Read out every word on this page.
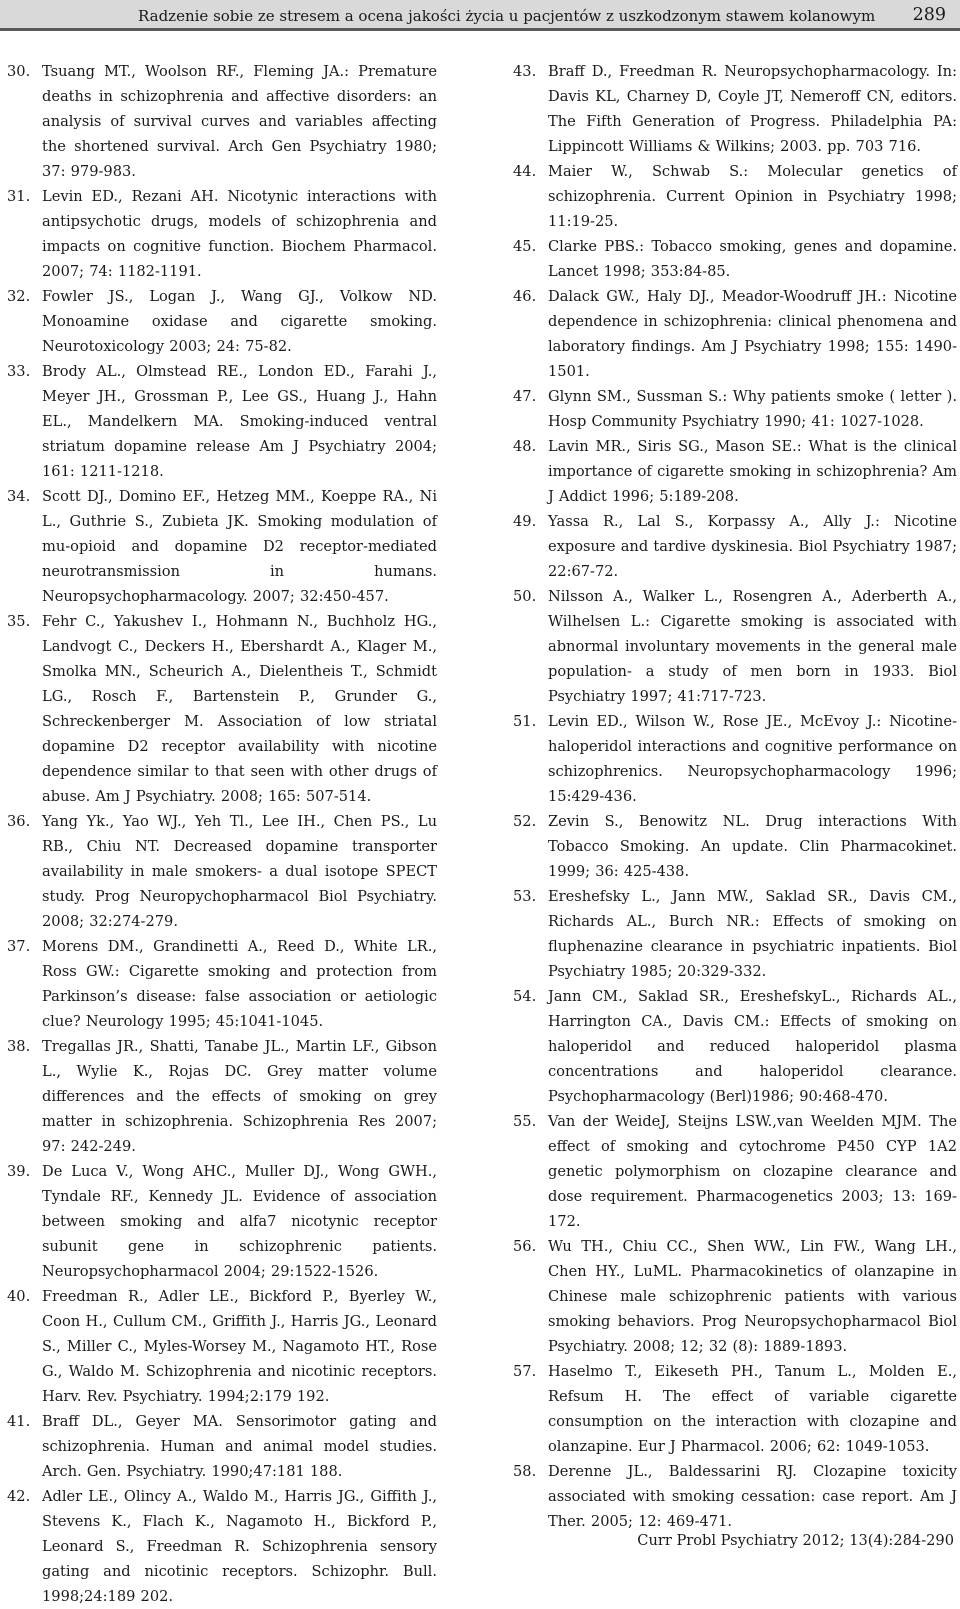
Radzenie sobie ze stresem a ocena jakości życia u pacjentów z uszkodzonym stawem kolanowym 289
30. Tsuang MT., Woolson RF., Fleming JA.: Premature deaths in schizophrenia and affective disorders: an analysis of survival curves and variables affecting the shortened survival. Arch Gen Psychiatry 1980; 37: 979-983.
31. Levin ED., Rezani AH. Nicotynic interactions with antipsychotic drugs, models of schizophrenia and impacts on cognitive function. Biochem Pharmacol. 2007; 74: 1182-1191.
32. Fowler JS., Logan J., Wang GJ., Volkow ND. Monoamine oxidase and cigarette smoking. Neurotoxicology 2003; 24: 75-82.
33. Brody AL., Olmstead RE., London ED., Farahi J., Meyer JH., Grossman P., Lee GS., Huang J., Hahn EL., Mandelkern MA. Smoking-induced ventral striatum dopamine release Am J Psychiatry 2004; 161: 1211-1218.
34. Scott DJ., Domino EF., Hetzeg MM., Koeppe RA., Ni L., Guthrie S., Zubieta JK. Smoking modulation of mu-opioid and dopamine D2 receptor-mediated neurotransmission in humans. Neuropsychopharmacology. 2007; 32:450-457.
35. Fehr C., Yakushev I., Hohmann N., Buchholz HG., Landvogt C., Deckers H., Ebershardt A., Klager M., Smolka MN., Scheurich A., Dielentheis T., Schmidt LG., Rosch F., Bartenstein P., Grunder G., Schreckenberger M. Association of low striatal dopamine D2 receptor availability with nicotine dependence similar to that seen with other drugs of abuse. Am J Psychiatry. 2008; 165: 507-514.
36. Yang Yk., Yao WJ., Yeh Tl., Lee IH., Chen PS., Lu RB., Chiu NT. Decreased dopamine transporter availability in male smokers- a dual isotope SPECT study. Prog Neuropychopharmacol Biol Psychiatry. 2008; 32:274-279.
37. Morens DM., Grandinetti A., Reed D., White LR., Ross GW.: Cigarette smoking and protection from Parkinson’s disease: false association or aetiologic clue? Neurology 1995; 45:1041-1045.
38. Tregallas JR., Shatti, Tanabe JL., Martin LF., Gibson L., Wylie K., Rojas DC. Grey matter volume differences and the effects of smoking on grey matter in schizophrenia. Schizophrenia Res 2007; 97: 242-249.
39. De Luca V., Wong AHC., Muller DJ., Wong GWH., Tyndale RF., Kennedy JL. Evidence of association between smoking and alfa7 nicotynic receptor subunit gene in schizophrenic patients. Neuropsychopharmacol 2004; 29:1522-1526.
40. Freedman R., Adler LE., Bickford P., Byerley W., Coon H., Cullum CM., Griffith J., Harris JG., Leonard S., Miller C., Myles-Worsey M., Nagamoto HT., Rose G., Waldo M. Schizophrenia and nicotinic receptors. Harv. Rev. Psychiatry. 1994;2:179 192.
41. Braff DL., Geyer MA. Sensorimotor gating and schizophrenia. Human and animal model studies. Arch. Gen. Psychiatry. 1990;47:181 188.
42. Adler LE., Olincy A., Waldo M., Harris JG., Giffith J., Stevens K., Flach K., Nagamoto H., Bickford P., Leonard S., Freedman R. Schizophrenia sensory gating and nicotinic receptors. Schizophr. Bull. 1998;24:189 202.
43. Braff D., Freedman R. Neuropsychopharmacology. In: Davis KL, Charney D, Coyle JT, Nemeroff CN, editors. The Fifth Generation of Progress. Philadelphia PA: Lippincott Williams & Wilkins; 2003. pp. 703 716.
44. Maier W., Schwab S.: Molecular genetics of schizophrenia. Current Opinion in Psychiatry 1998; 11:19-25.
45. Clarke PBS.: Tobacco smoking, genes and dopamine. Lancet 1998; 353:84-85.
46. Dalack GW., Haly DJ., Meador-Woodruff JH.: Nicotine dependence in schizophrenia: clinical phenomena and laboratory findings. Am J Psychiatry 1998; 155: 1490-1501.
47. Glynn SM., Sussman S.: Why patients smoke ( letter ). Hosp Community Psychiatry 1990; 41: 1027-1028.
48. Lavin MR., Siris SG., Mason SE.: What is the clinical importance of cigarette smoking in schizophrenia? Am J Addict 1996; 5:189-208.
49. Yassa R., Lal S., Korpassy A., Ally J.: Nicotine exposure and tardive dyskinesia. Biol Psychiatry 1987; 22:67-72.
50. Nilsson A., Walker L., Rosengren A., Aderberth A., Wilhelsen L.: Cigarette smoking is associated with abnormal involuntary movements in the general male population- a study of men born in 1933. Biol Psychiatry 1997; 41:717-723.
51. Levin ED., Wilson W., Rose JE., McEvoy J.: Nicotine-haloperidol interactions and cognitive performance on schizophrenics. Neuropsychopharmacology 1996; 15:429-436.
52. Zevin S., Benowitz NL. Drug interactions With Tobacco Smoking. An update. Clin Pharmacokinet. 1999; 36: 425-438.
53. Ereshefsky L., Jann MW., Saklad SR., Davis CM., Richards AL., Burch NR.: Effects of smoking on fluphenazine clearance in psychiatric inpatients. Biol Psychiatry 1985; 20:329-332.
54. Jann CM., Saklad SR., EreshefskyL., Richards AL., Harrington CA., Davis CM.: Effects of smoking on haloperidol and reduced haloperidol plasma concentrations and haloperidol clearance. Psychopharmacology (Berl)1986; 90:468-470.
55. Van der WeideJ, Steijns LSW.,van Weelden MJM. The effect of smoking and cytochrome P450 CYP 1A2 genetic polymorphism on clozapine clearance and dose requirement. Pharmacogenetics 2003; 13: 169-172.
56. Wu TH., Chiu CC., Shen WW., Lin FW., Wang LH., Chen HY., LuML. Pharmacokinetics of olanzapine in Chinese male schizophrenic patients with various smoking behaviors. Prog Neuropsychopharmacol Biol Psychiatry. 2008; 12; 32 (8): 1889-1893.
57. Haselmo T., Eikeseth PH., Tanum L., Molden E., Refsum H. The effect of variable cigarette consumption on the interaction with clozapine and olanzapine. Eur J Pharmacol. 2006; 62: 1049-1053.
58. Derenne JL., Baldessarini RJ. Clozapine toxicity associated with smoking cessation: case report. Am J Ther. 2005; 12: 469-471.
Curr Probl Psychiatry 2012; 13(4):284-290
